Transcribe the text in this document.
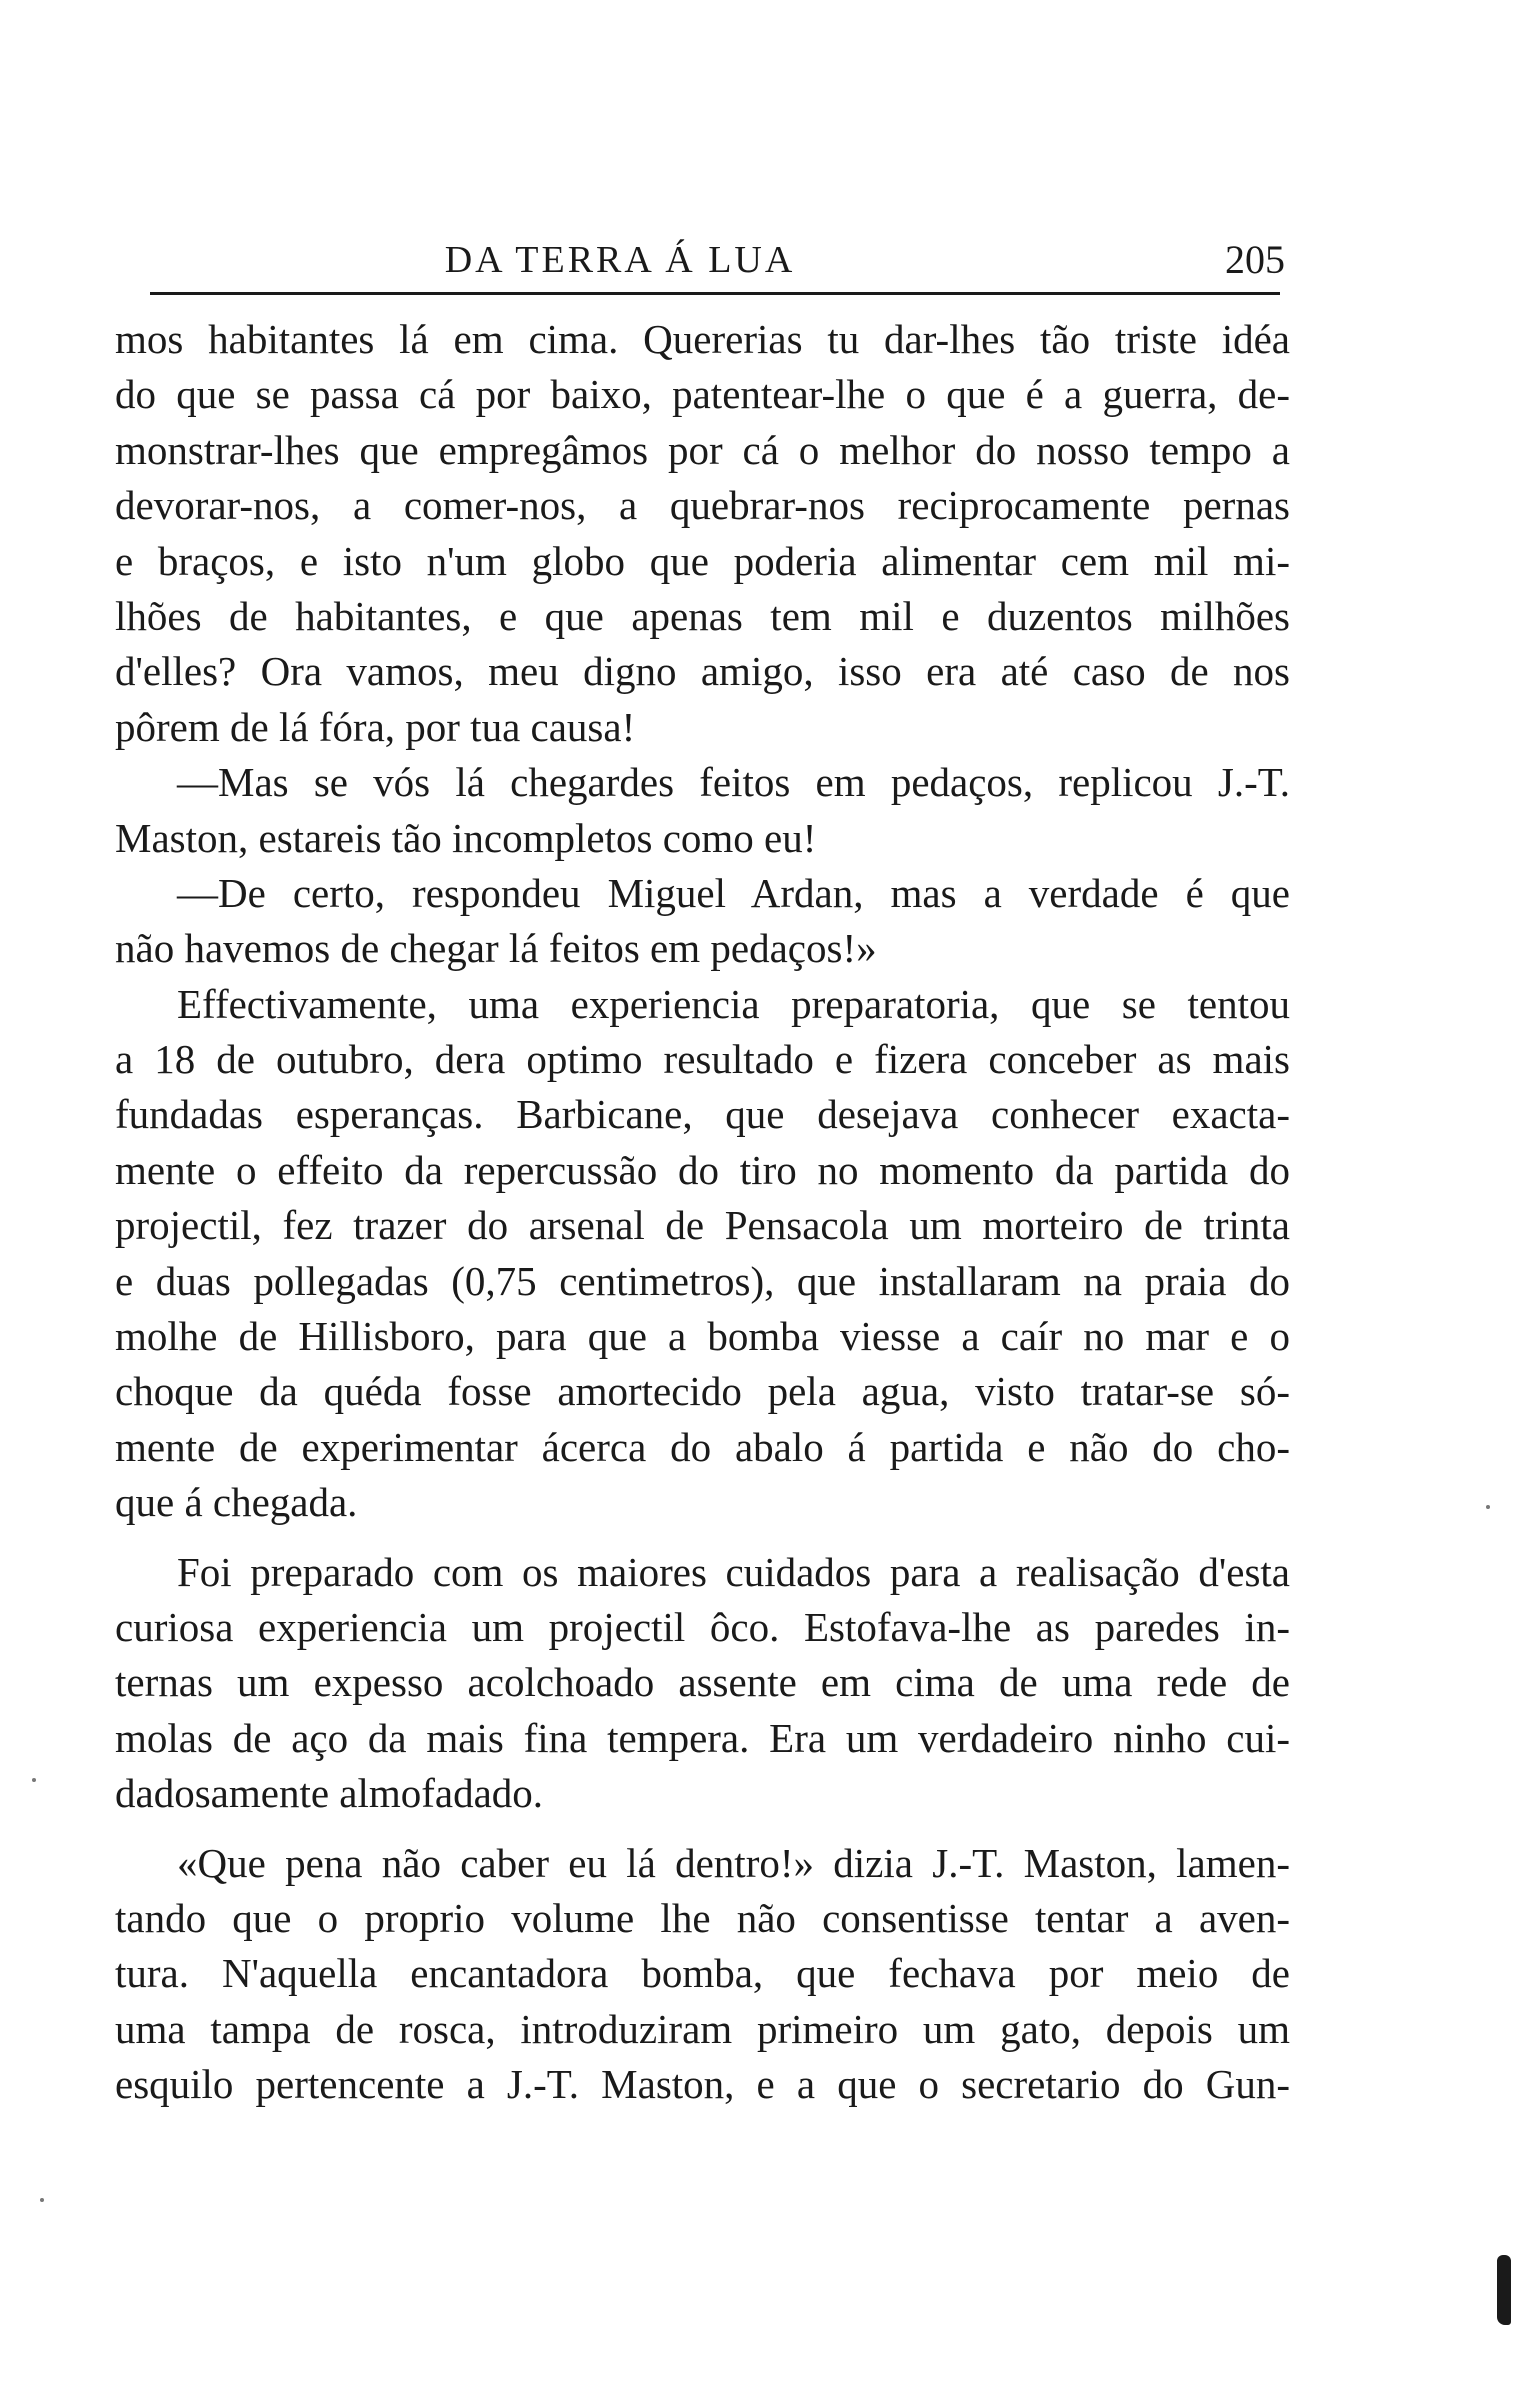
DA TERRA Á LUA	205
mos habitantes lá em cima. Quererias tu dar-lhes tão triste idéa
do que se passa cá por baixo, patentear-lhe o que é a guerra, de-
monstrar-lhes que empregâmos por cá o melhor do nosso tempo a
devorar-nos, a comer-nos, a quebrar-nos reciprocamente pernas
e braços, e isto n'um globo que poderia alimentar cem mil mi-
lhões de habitantes, e que apenas tem mil e duzentos milhões
d'elles? Ora vamos, meu digno amigo, isso era até caso de nos
pôrem de lá fóra, por tua causa!
—Mas se vós lá chegardes feitos em pedaços, replicou J.-T.
Maston, estareis tão incompletos como eu!
—De certo, respondeu Miguel Ardan, mas a verdade é que
não havemos de chegar lá feitos em pedaços!»
Effectivamente, uma experiencia preparatoria, que se tentou
a 18 de outubro, dera optimo resultado e fizera conceber as mais
fundadas esperanças. Barbicane, que desejava conhecer exacta-
mente o effeito da repercussão do tiro no momento da partida do
projectil, fez trazer do arsenal de Pensacola um morteiro de trinta
e duas pollegadas (0,75 centimetros), que installaram na praia do
molhe de Hillisboro, para que a bomba viesse a caír no mar e o
choque da quéda fosse amortecido pela agua, visto tratar-se só-
mente de experimentar ácerca do abalo á partida e não do cho-
que á chegada.
Foi preparado com os maiores cuidados para a realisação d'esta
curiosa experiencia um projectil ôco. Estofava-lhe as paredes in-
ternas um expesso acolchoado assente em cima de uma rede de
molas de aço da mais fina tempera. Era um verdadeiro ninho cui-
dadosamente almofadado.
«Que pena não caber eu lá dentro!» dizia J.-T. Maston, lamen-
tando que o proprio volume lhe não consentisse tentar a aven-
tura. N'aquella encantadora bomba, que fechava por meio de
uma tampa de rosca, introduziram primeiro um gato, depois um
esquilo pertencente a J.-T. Maston, e a que o secretario do Gun-
